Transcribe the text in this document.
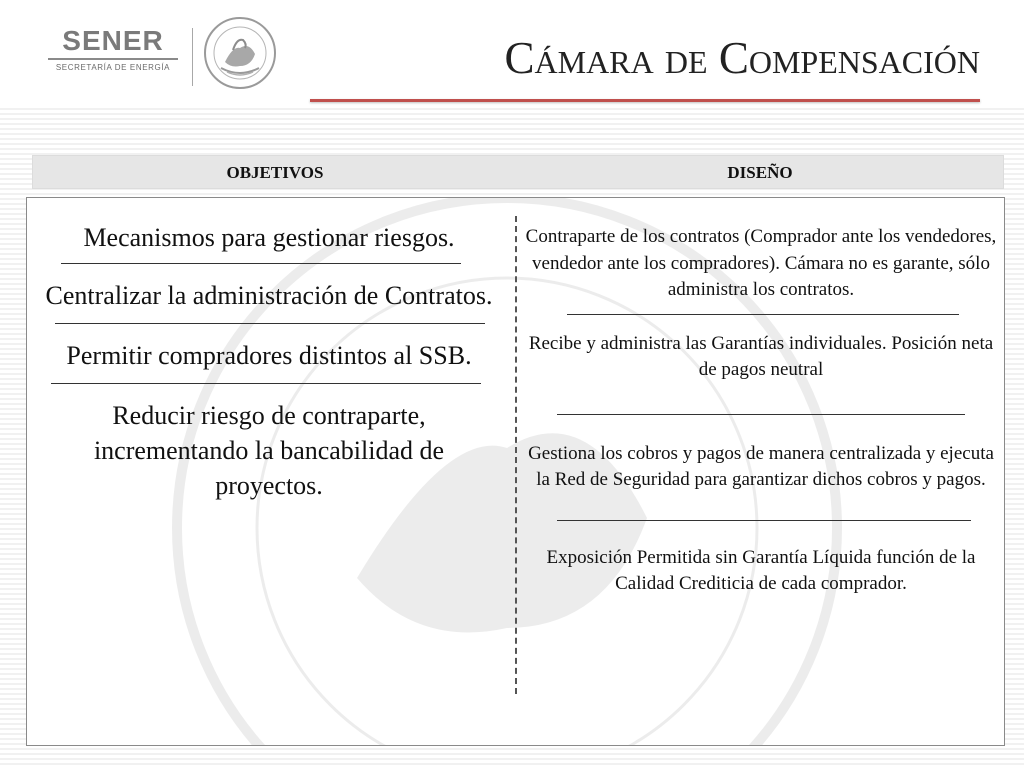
SENER
SECRETARÍA DE ENERGÍA	Cámara de Compensación
OBJETIVOS	DISEÑO

Mecanismos para gestionar riesgos.

Centralizar la administración de Contratos.

Permitir compradores distintos al SSB.

Reducir riesgo de contraparte, incrementando la bancabilidad de proyectos.

Contraparte de los contratos (Comprador ante los vendedores, vendedor ante los compradores). Cámara no es garante, sólo administra los contratos.

Recibe y administra las Garantías individuales. Posición neta de pagos neutral

Gestiona los cobros y pagos de manera centralizada y ejecuta la Red de Seguridad para garantizar dichos cobros y pagos.

Exposición Permitida sin Garantía Líquida función de la Calidad Crediticia de cada comprador.
